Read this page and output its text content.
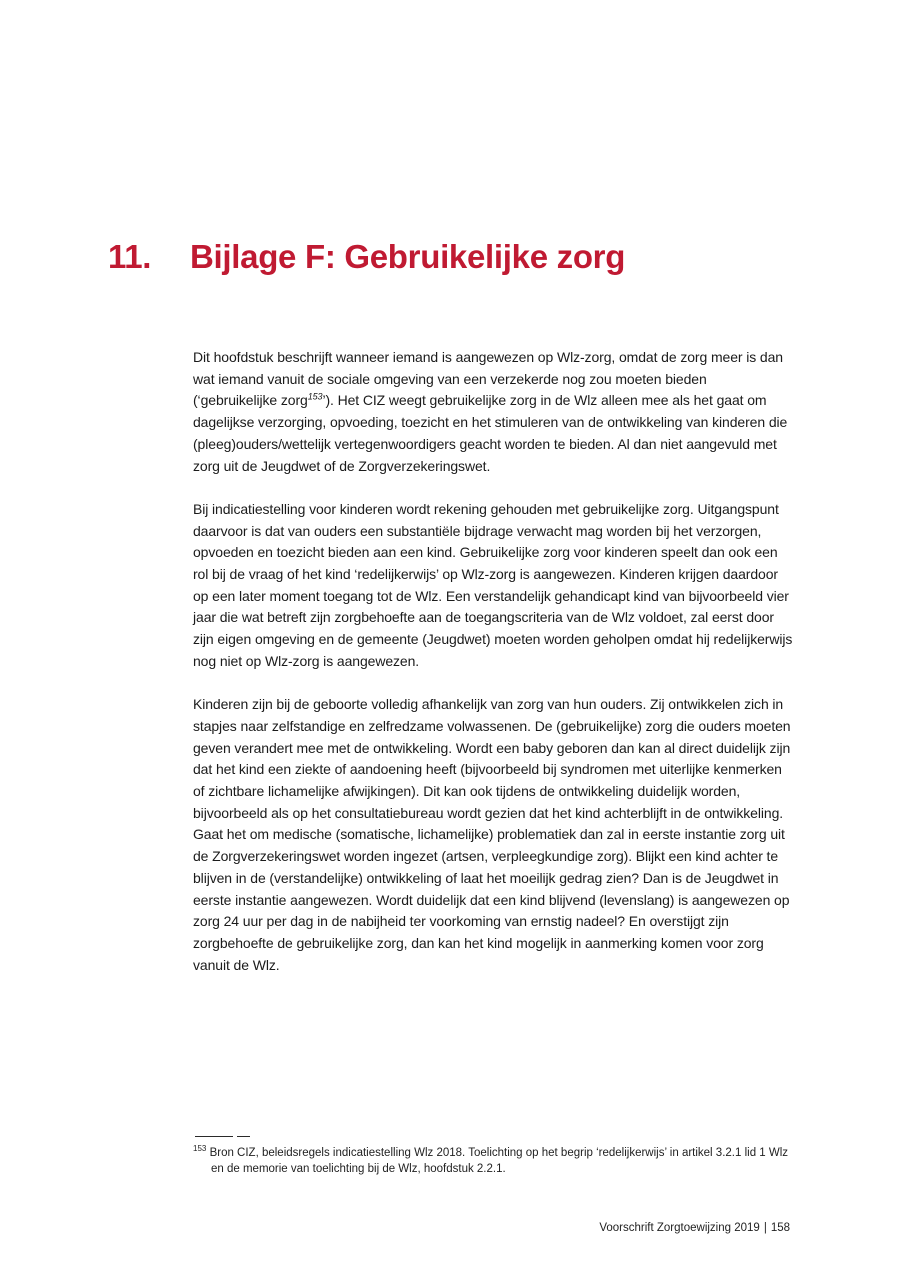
11.	Bijlage F: Gebruikelijke zorg

Dit hoofdstuk beschrijft wanneer iemand is aangewezen op Wlz-zorg, omdat de zorg meer is dan wat iemand vanuit de sociale omgeving van een verzekerde nog zou moeten bieden (‘gebruikelijke zorg$^{153}$’). Het CIZ weegt gebruikelijke zorg in de Wlz alleen mee als het gaat om dagelijkse verzorging, opvoeding, toezicht en het stimuleren van de ontwikkeling van kinderen die (pleeg)ouders/wettelijk vertegenwoordigers geacht worden te bieden. Al dan niet aangevuld met zorg uit de Jeugdwet of de Zorgverzekeringswet.

Bij indicatiestelling voor kinderen wordt rekening gehouden met gebruikelijke zorg. Uitgangspunt daarvoor is dat van ouders een substantiële bijdrage verwacht mag worden bij het verzorgen, opvoeden en toezicht bieden aan een kind. Gebruikelijke zorg voor kinderen speelt dan ook een rol bij de vraag of het kind ‘redelijkerwijs’ op Wlz-zorg is aangewezen. Kinderen krijgen daardoor op een later moment toegang tot de Wlz. Een verstandelijk gehandicapt kind van bijvoorbeeld vier jaar die wat betreft zijn zorgbehoefte aan de toegangscriteria van de Wlz voldoet, zal eerst door zijn eigen omgeving en de gemeente (Jeugdwet) moeten worden geholpen omdat hij redelijkerwijs nog niet op Wlz-zorg is aangewezen.

Kinderen zijn bij de geboorte volledig afhankelijk van zorg van hun ouders. Zij ontwikkelen zich in stapjes naar zelfstandige en zelfredzame volwassenen. De (gebruikelijke) zorg die ouders moeten geven verandert mee met de ontwikkeling. Wordt een baby geboren dan kan al direct duidelijk zijn dat het kind een ziekte of aandoening heeft (bijvoorbeeld bij syndromen met uiterlijke kenmerken of zichtbare lichamelijke afwijkingen). Dit kan ook tijdens de ontwikkeling duidelijk worden, bijvoorbeeld als op het consultatiebureau wordt gezien dat het kind achterblijft in de ontwikkeling. Gaat het om medische (somatische, lichamelijke) problematiek dan zal in eerste instantie zorg uit de Zorgverzekeringswet worden ingezet (artsen, verpleegkundige zorg). Blijkt een kind achter te blijven in de (verstandelijke) ontwikkeling of laat het moeilijk gedrag zien? Dan is de Jeugdwet in eerste instantie aangewezen. Wordt duidelijk dat een kind blijvend (levenslang) is aangewezen op zorg 24 uur per dag in de nabijheid ter voorkoming van ernstig nadeel? En overstijgt zijn zorgbehoefte de gebruikelijke zorg, dan kan het kind mogelijk in aanmerking komen voor zorg vanuit de Wlz.

$^{153}$ Bron CIZ, beleidsregels indicatiestelling Wlz 2018. Toelichting op het begrip ‘redelijkerwijs’ in artikel 3.2.1 lid 1 Wlz en de memorie van toelichting bij de Wlz, hoofdstuk 2.2.1.
Voorschrift Zorgtoewijzing 2019 | 158
